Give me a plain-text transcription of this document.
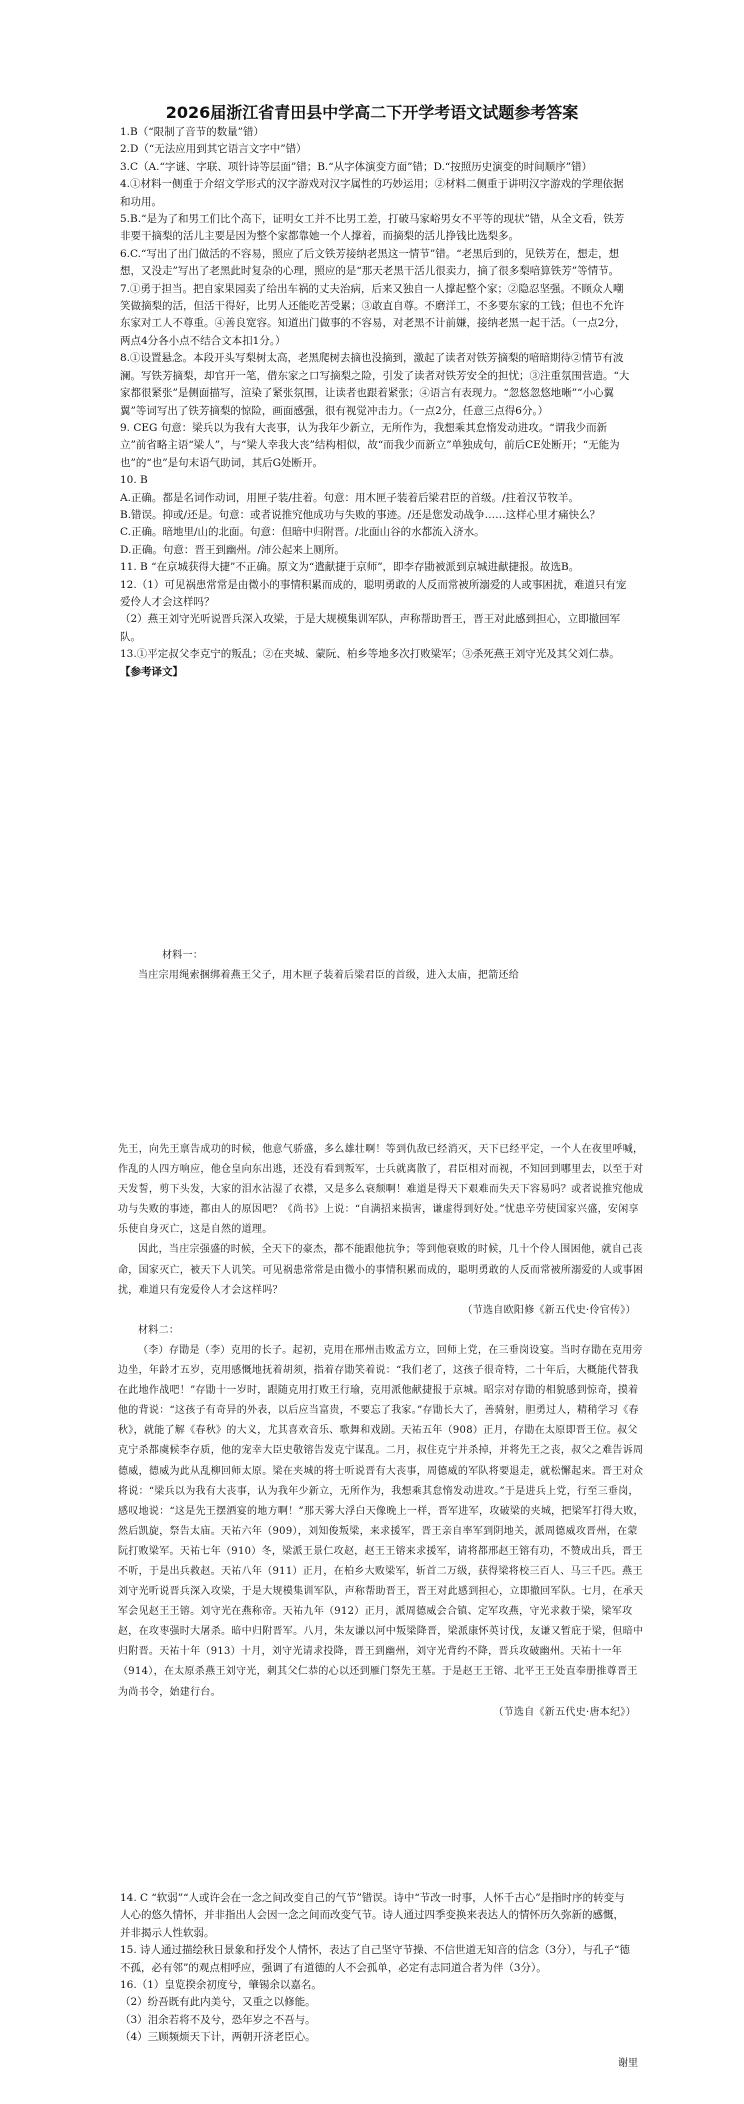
2026届浙江省青田县中学高二下开学考语文试题参考答案

1.B（“限制了音节的数量”错）

2.D（“无法应用到其它语言文字中”错）

3.C（A.“字谜、字联、项针诗等层面”错；B.“从字体演变方面”错；D.“按照历史演变的时间顺序”错）

4.①材料一侧重于介绍文学形式的汉字游戏对汉字属性的巧妙运用；②材料二侧重于讲明汉字游戏的学理依据和功用。

5.B.“是为了和男工们比个高下，证明女工并不比男工差，打破马家峪男女不平等的现状”错，从全文看，铁芳非要干摘梨的活儿主要是因为整个家都靠她一个人撑着，而摘梨的活儿挣钱比选梨多。

6.C.“写出了出门做活的不容易，照应了后文铁芳接纳老黑这一情节”错。“老黑后到的，见铁芳在，想走，想想，又没走”写出了老黑此时复杂的心理，照应的是“那天老黑干活儿很卖力，摘了很多梨喑算铁芳”等情节。

7.①勇于担当。把自家果园卖了给出车祸的丈夫治病，后来又独自一人撑起整个家；②隐忍坚强。不顾众人嘲笑做摘梨的活，但活干得好，比男人还能吃苦受累；③敢直自尊。不磨洋工，不多要东家的工钱；但也不允许东家对工人不尊重。④善良宽容。知道出门做事的不容易，对老黑不计前嫌，接纳老黑一起干活。（一点2分，两点4分各小点不结合文本扣1分。）

8.①设置悬念。本段开头写梨树太高，老黑爬树去摘也没摘到，激起了读者对铁芳摘梨的喑暗期待②情节有波澜。写铁芳摘梨，却官开一笔，借东家之口写摘梨之险，引发了读者对铁芳安全的担忧；③注重氛围营造。“大家都很紧张”是侧面描写，渲染了紧张氛围，让读者也跟着紧张；④语言有表现力。“忽悠忽悠地晰”“小心翼翼”等词写出了铁芳摘梨的惊险，画面感强，很有视觉冲击力。（一点2分，任意三点得6分。）

9. CEG 句意：梁兵以为我有大丧事，认为我年少新立，无所作为，我想乘其怠惰发动进攻。“谓我少而新立”前省略主语“梁人”，与“梁人幸我大丧”结构相似，故“而我少而新立”单独成句，前后CE处断开；“无能为也”的“也”是句末语气助词，其后G处断开。

10. B

A.正确。都是名词作动词，用匣子装/拄着。句意：用木匣子装着后梁君臣的首级。/拄着汉节牧羊。

B.错误。抑或/还是。句意：或者说推究他成功与失败的事迹。/还是您发动战争……这样心里才痛快么？

C.正确。暗地里/山的北面。句意：但暗中归附晋。/北面山谷的水都流入济水。

D.正确。句意：晋王到幽州。/沛公起来上厕所。

11. B “在京城获得大捷”不正确。原文为“遣献捷于京师”，即李存勖被派到京城进献捷报。故选B。

12.（1）可见祸患常常是由微小的事情积累而成的，聪明勇敢的人反而常被所溺爱的人或事困扰，难道只有宠爱伶人才会这样吗？

（2）燕王刘守光听说晋兵深入攻梁，于是大规模集训军队，声称帮助晋王，晋王对此感到担心，立即撤回军队。

13.①平定叔父李克宁的叛乱；②在夹城、蒙阮、柏乡等地多次打败梁军；③杀死燕王刘守光及其父刘仁恭。

【参考译文】

材料一：

当庄宗用绳索捆绑着燕王父子，用木匣子装着后梁君臣的首级，进入太庙，把箭还给

先王，向先王禀告成功的时候，他意气骄盛，多么雄壮啊！等到仇敌已经消灭，天下已经平定，一个人在夜里呼喊，作乱的人四方响应，他仓皇向东出逃，还没有看到叛军，士兵就离散了，君臣相对而视，不知回到哪里去，以至于对天发誓，剪下头发，大家的泪水沾湿了衣襟，又是多么衰颓啊！难道是得天下艰难而失天下容易吗？或者说推究他成功与失败的事迹，都由人的原因吧？《尚书》上说：“自满招来损害，谦虚得到好处。”忧患辛劳使国家兴盛，安闲享乐使自身灭亡，这是自然的道理。

因此，当庄宗强盛的时候，全天下的豪杰，都不能跟他抗争；等到他衰败的时候，几十个伶人围困他，就自己丧命，国家灭亡，被天下人讥笑。可见祸患常常是由微小的事情积累而成的，聪明勇敢的人反而常被所溺爱的人或事困扰，难道只有宠爱伶人才会这样吗？

（节选自欧阳修《新五代史·伶官传》）

材料二：

（李）存勖是（李）克用的长子。起初，克用在邢州击败孟方立，回师上党，在三垂岗设宴。当时存勖在克用旁边坐，年龄才五岁，克用感慨地抚着胡须，指着存勖笑着说：“我们老了，这孩子很奇特，二十年后，大概能代替我在此地作战吧！”存勖十一岁时，跟随克用打败王行瑜，克用派他献捷报于京城。昭宗对存勖的相貌感到惊奇，摸着他的背说：“这孩子有奇异的外表，以后应当富贵，不要忘了我家。”存勖长大了，善骑射，胆勇过人，精稍学习《春秋》，就能了解《春秋》的大义，尤其喜欢音乐、歌舞和戏剧。天祐五年（908）正月，存勖在太原即晋王位。叔父克宁杀都虞候李存质，他的宠幸大臣史敬镕告发克宁谋乱。二月，叔住克宁并杀掉，并将先王之丧，叔父之难告诉周德威，德威为此从乱柳回师太原。梁在夹城的将士听说晋有大丧事，周德威的军队将要退走，就松懈起来。晋王对众将说：“梁兵以为我有大丧事，认为我年少新立，无所作为，我想乘其怠惰发动进攻。”于是进兵上党，行至三垂岗，感叹地说：“这是先王摆酒宴的地方啊！”那天雾大浮白天像晚上一样，晋军进军，攻破梁的夹城，把梁军打得大败，然后凯旋，祭告太庙。天祐六年（909），刘知俊叛梁，来求援军，晋王亲自率军到阴地关，派周德威攻晋州，在蒙阮打败梁军。天祐七年（910）冬，梁派王景仁攻赵，赵王王镕来求援军，请将都邢赵王镕有功，不赞成出兵，晋王不听，于是出兵救赵。天祐八年（911）正月，在柏乡大败梁军，斩首二万级，获得梁将校三百人、马三千匹。燕王刘守光听说晋兵深入攻梁，于是大规模集训军队，声称帮助晋王，晋王对此感到担心，立即撤回军队。七月，在承天军会见赵王王镕。刘守光在燕称帝。天祐九年（912）正月，派周德威会合镇、定军攻燕，守光求救于梁，梁军攻赵，在攻枣强时大屠杀。暗中归附晋军。八月，朱友谦以河中叛梁降晋，梁派康怀英讨伐，友谦又暂庇于梁，但暗中归附晋。天祐十年（913）十月，刘守光请求投降，晋王到幽州，刘守光背约不降，晋兵攻破幽州。天祐十一年（914），在太原杀燕王刘守光，刺其父仁恭的心以还到雁门祭先王墓。于是赵王王镕、北平王王处直奉册推尊晋王为尚书令，始建行台。

（节选自《新五代史·唐本纪》）

14. C “软弱”“人或许会在一念之间改变自己的气节”错误。诗中“节改一时事，人怀千古心”是指时序的转变与人心的悠久情怀，并非指出人会因一念之间而改变气节。诗人通过四季变换来表达人的情怀历久弥新的感慨，并非揭示人性软弱。

15. 诗人通过描绘秋日景象和抒发个人情怀，表达了自己坚守节操、不信世道无知音的信念（3分），与孔子“德不孤，必有邻”的观点相呼应，强调了有道德的人不会孤单，必定有志同道合者为伴（3分）。

16.（1）皇览揆余初度兮，肇锡余以嘉名。

（2）纷吾既有此内美兮，又重之以修能。

（3）泪余若将不及兮，恐年岁之不吾与。

（4）三顾频烦天下计，两朝开济老臣心。

谢里
